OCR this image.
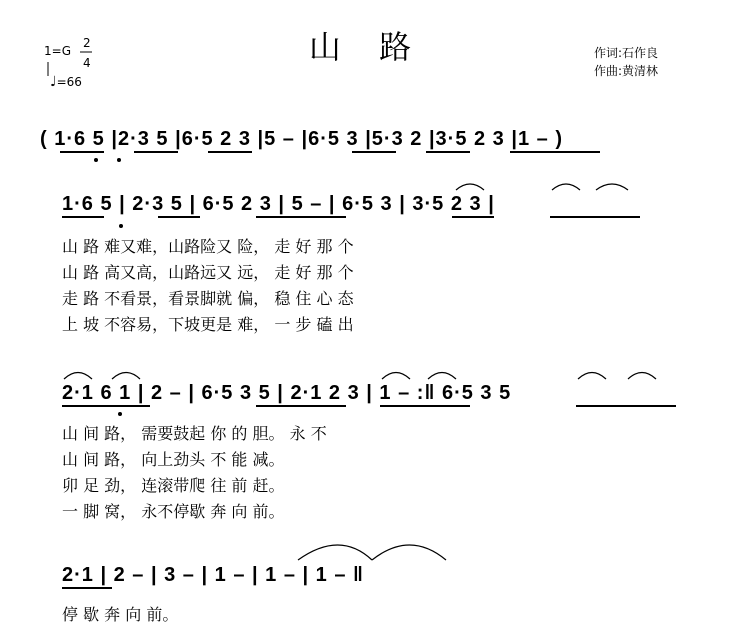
山 路
1=G
2
4
♩=66
作词:石作良
作曲:黄清林
( 1·6 5 |2·3 5 |6·5 2 3 |5 – |6·5 3 |5·3 2 |3·5 2 3 |1 – )
1·6 5 | 2·3 5 | 6·5 2 3 | 5 – | 6·5 3 | 3·5 2 3 |
山 路 难又难，山路险又 险， 走 好 那 个
山 路 高又高，山路远又 远， 走 好 那 个
走 路 不看景，看景脚就 偏， 稳 住 心 态
上 坡 不容易，下坡更是 难， 一 步 磕 出
2·1 6 1 | 2 – | 6·5 3 5 | 2·1 2 3 | 1 – :‖ 6·5 3 5
山 间 路， 需要鼓起 你 的 胆。 永 不
山 间 路， 向上劲头 不 能 减。
卯 足 劲， 连滚带爬 往 前 赶。
一 脚 窝， 永不停歇 奔 向 前。
2·1 | 2 – | 3 – | 1 – | 1 – | 1 – ‖
停 歇 奔 向 前。
